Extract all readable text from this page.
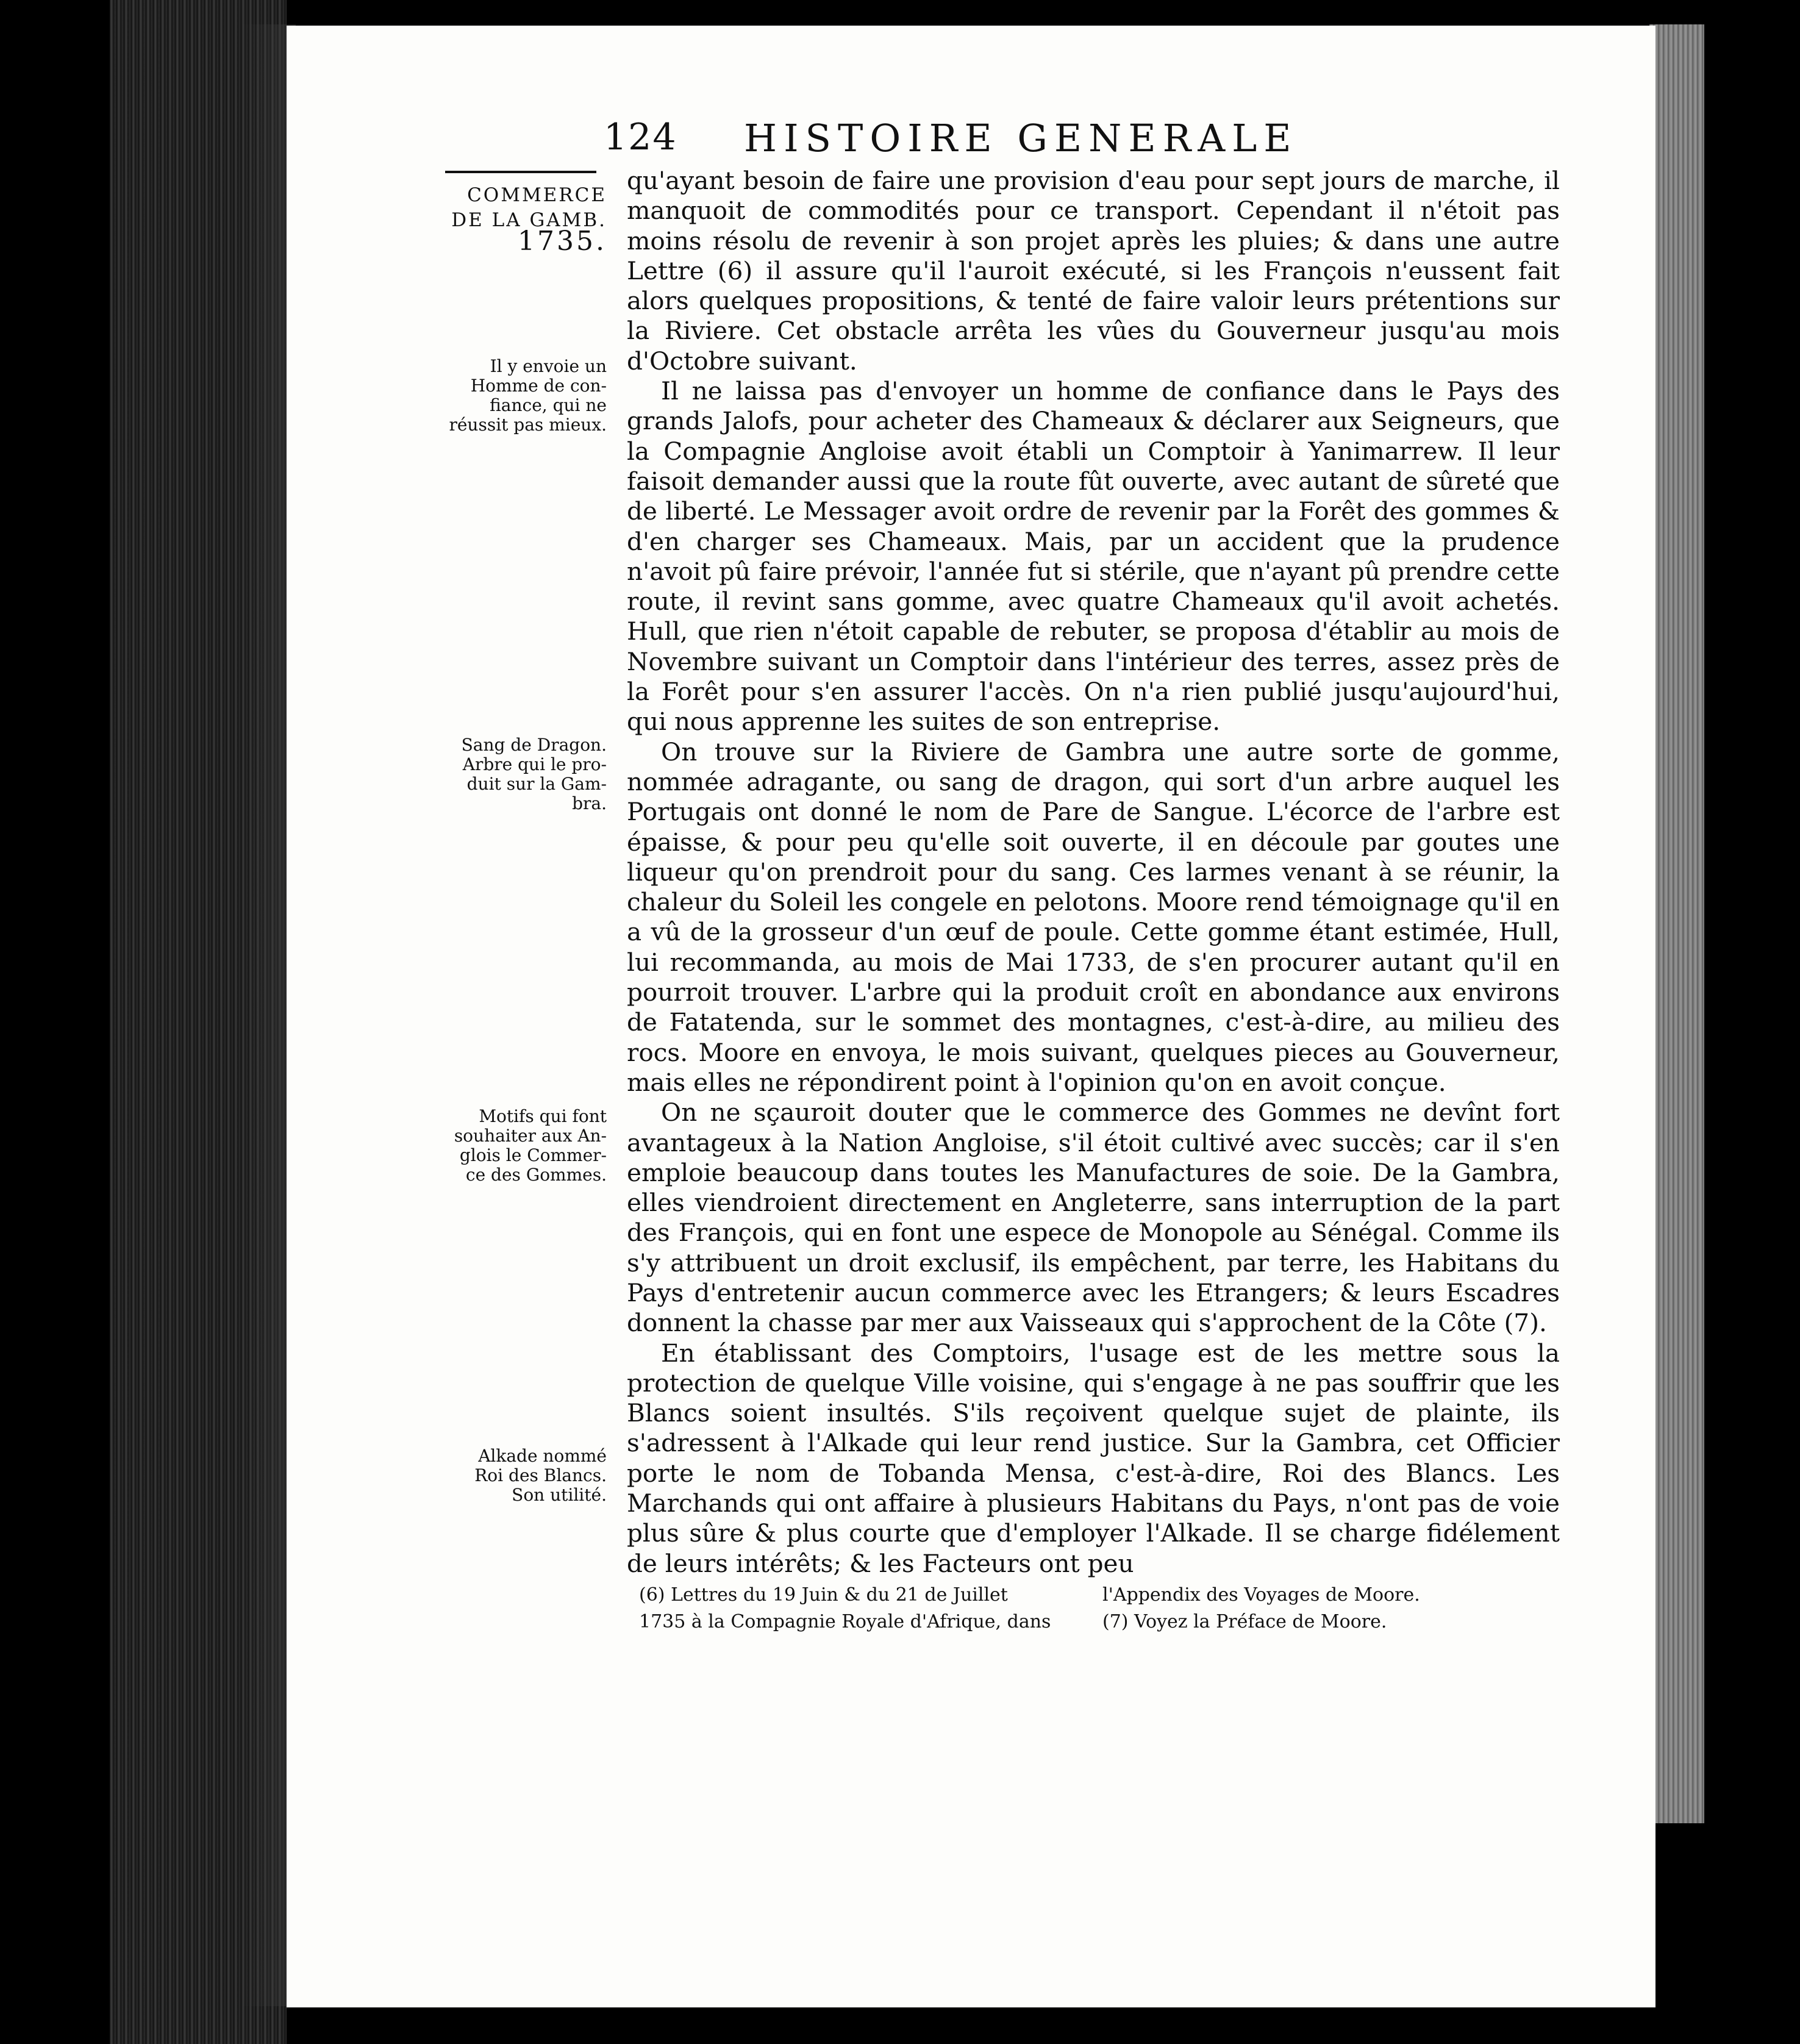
124 HISTOIRE GENERALE
COMMERCE
DE LA GAMB.
1735.
Il y envoie un
Homme de con-
fiance, qui ne
réussit pas mieux.
Sang de Dragon.
Arbre qui le pro-
duit sur la Gam-
bra.
Motifs qui font
souhaiter aux An-
glois le Commer-
ce des Gommes.
Alkade nommé
Roi des Blancs.
Son utilité.

qu'ayant besoin de faire une provision d'eau pour sept jours de marche, il manquoit de commodités pour ce transport. Cependant il n'étoit pas moins résolu de revenir à son projet après les pluies; & dans une autre Lettre (6) il assure qu'il l'auroit exécuté, si les François n'eussent fait alors quelques propositions, & tenté de faire valoir leurs prétentions sur la Riviere. Cet obstacle arrêta les vûes du Gouverneur jusqu'au mois d'Octobre suivant.

Il ne laissa pas d'envoyer un homme de confiance dans le Pays des grands Jalofs, pour acheter des Chameaux & déclarer aux Seigneurs, que la Compagnie Angloise avoit établi un Comptoir à Yanimarrew. Il leur faisoit demander aussi que la route fût ouverte, avec autant de sûreté que de liberté. Le Messager avoit ordre de revenir par la Forêt des gommes & d'en charger ses Chameaux. Mais, par un accident que la prudence n'avoit pû faire prévoir, l'année fut si stérile, que n'ayant pû prendre cette route, il revint sans gomme, avec quatre Chameaux qu'il avoit achetés. Hull, que rien n'étoit capable de rebuter, se proposa d'établir au mois de Novembre suivant un Comptoir dans l'intérieur des terres, assez près de la Forêt pour s'en assurer l'accès. On n'a rien publié jusqu'aujourd'hui, qui nous apprenne les suites de son entreprise.

On trouve sur la Riviere de Gambra une autre sorte de gomme, nommée adragante, ou sang de dragon, qui sort d'un arbre auquel les Portugais ont donné le nom de Pare de Sangue. L'écorce de l'arbre est épaisse, & pour peu qu'elle soit ouverte, il en découle par goutes une liqueur qu'on prendroit pour du sang. Ces larmes venant à se réunir, la chaleur du Soleil les congele en pelotons. Moore rend témoignage qu'il en a vû de la grosseur d'un œuf de poule. Cette gomme étant estimée, Hull, lui recommanda, au mois de Mai 1733, de s'en procurer autant qu'il en pourroit trouver. L'arbre qui la produit croît en abondance aux environs de Fatatenda, sur le sommet des montagnes, c'est-à-dire, au milieu des rocs. Moore en envoya, le mois suivant, quelques pieces au Gouverneur, mais elles ne répondirent point à l'opinion qu'on en avoit conçue.

On ne sçauroit douter que le commerce des Gommes ne devînt fort avantageux à la Nation Angloise, s'il étoit cultivé avec succès; car il s'en emploie beaucoup dans toutes les Manufactures de soie. De la Gambra, elles viendroient directement en Angleterre, sans interruption de la part des François, qui en font une espece de Monopole au Sénégal. Comme ils s'y attribuent un droit exclusif, ils empêchent, par terre, les Habitans du Pays d'entretenir aucun commerce avec les Etrangers; & leurs Escadres donnent la chasse par mer aux Vaisseaux qui s'approchent de la Côte (7).

En établissant des Comptoirs, l'usage est de les mettre sous la protection de quelque Ville voisine, qui s'engage à ne pas souffrir que les Blancs soient insultés. S'ils reçoivent quelque sujet de plainte, ils s'adressent à l'Alkade qui leur rend justice. Sur la Gambra, cet Officier porte le nom de Tobanda Mensa, c'est-à-dire, Roi des Blancs. Les Marchands qui ont affaire à plusieurs Habitans du Pays, n'ont pas de voie plus sûre & plus courte que d'employer l'Alkade. Il se charge fidélement de leurs intérêts; & les Facteurs ont peu

(6) Lettres du 19 Juin & du 21 de Juillet
1735 à la Compagnie Royale d'Afrique, dans
l'Appendix des Voyages de Moore.
(7) Voyez la Préface de Moore.
